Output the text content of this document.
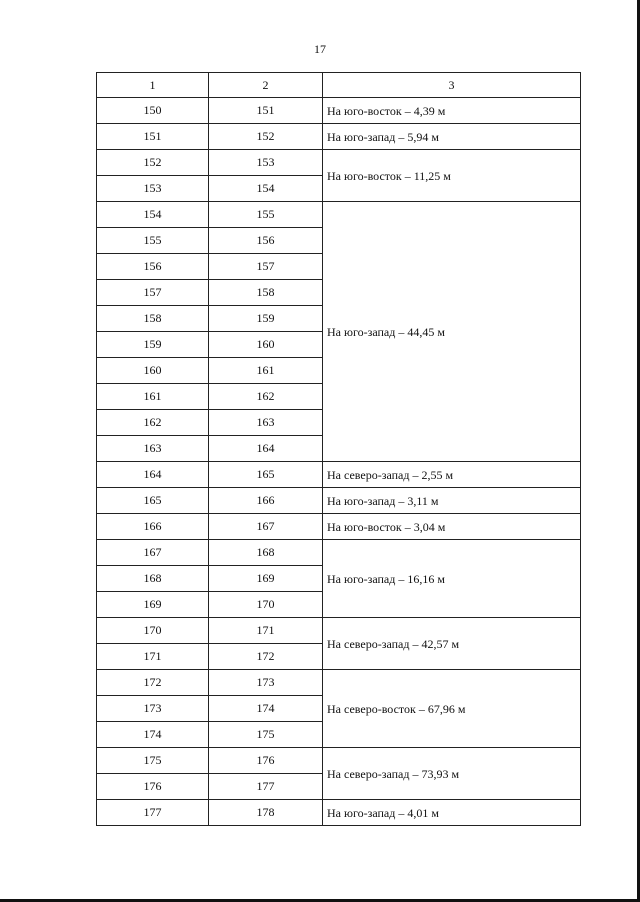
17
1	2	3
150	151	На юго-восток – 4,39 м
151	152	На юго-запад – 5,94 м
152	153	На юго-восток – 11,25 м
153	154	
154	155	На юго-запад – 44,45 м
155	156	
156	157	
157	158	
158	159	
159	160	
160	161	
161	162	
162	163	
163	164	
164	165	На северо-запад – 2,55 м
165	166	На юго-запад – 3,11 м
166	167	На юго-восток – 3,04 м
167	168	На юго-запад – 16,16 м
168	169	
169	170	
170	171	На северо-запад – 42,57 м
171	172	
172	173	На северо-восток – 67,96 м
173	174	
174	175	
175	176	На северо-запад – 73,93 м
176	177	
177	178	На юго-запад – 4,01 м
